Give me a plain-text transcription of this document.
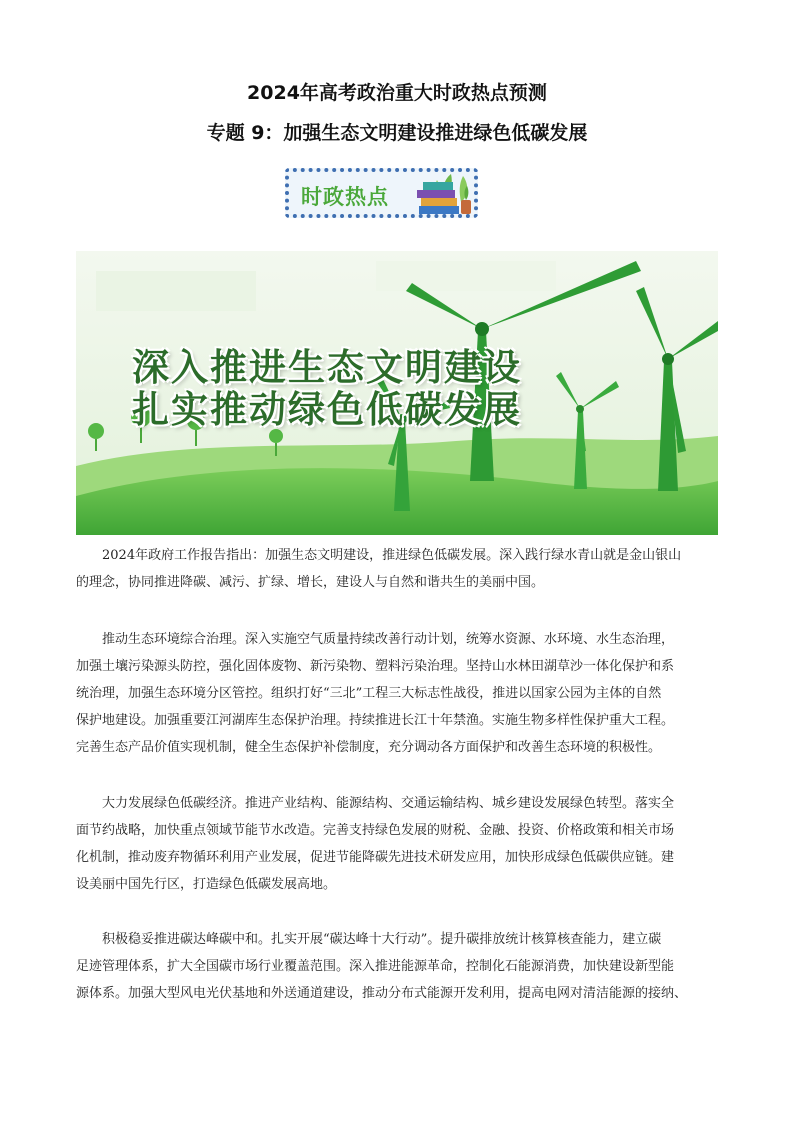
2024年高考政治重大时政热点预测
专题 9：加强生态文明建设推进绿色低碳发展
时政热点
深入推进生态文明建设
扎实推动绿色低碳发展

2024年政府工作报告指出：加强生态文明建设，推进绿色低碳发展。深入践行绿水青山就是金山银山

的理念，协同推进降碳、减污、扩绿、增长，建设人与自然和谐共生的美丽中国。

推动生态环境综合治理。深入实施空气质量持续改善行动计划，统筹水资源、水环境、水生态治理，

加强土壤污染源头防控，强化固体废物、新污染物、塑料污染治理。坚持山水林田湖草沙一体化保护和系

统治理，加强生态环境分区管控。组织打好“三北”工程三大标志性战役，推进以国家公园为主体的自然

保护地建设。加强重要江河湖库生态保护治理。持续推进长江十年禁渔。实施生物多样性保护重大工程。

完善生态产品价值实现机制，健全生态保护补偿制度，充分调动各方面保护和改善生态环境的积极性。

大力发展绿色低碳经济。推进产业结构、能源结构、交通运输结构、城乡建设发展绿色转型。落实全

面节约战略，加快重点领域节能节水改造。完善支持绿色发展的财税、金融、投资、价格政策和相关市场

化机制，推动废弃物循环利用产业发展，促进节能降碳先进技术研发应用，加快形成绿色低碳供应链。建

设美丽中国先行区，打造绿色低碳发展高地。

积极稳妥推进碳达峰碳中和。扎实开展“碳达峰十大行动”。提升碳排放统计核算核查能力，建立碳

足迹管理体系，扩大全国碳市场行业覆盖范围。深入推进能源革命，控制化石能源消费，加快建设新型能

源体系。加强大型风电光伏基地和外送通道建设，推动分布式能源开发利用，提高电网对清洁能源的接纳、
